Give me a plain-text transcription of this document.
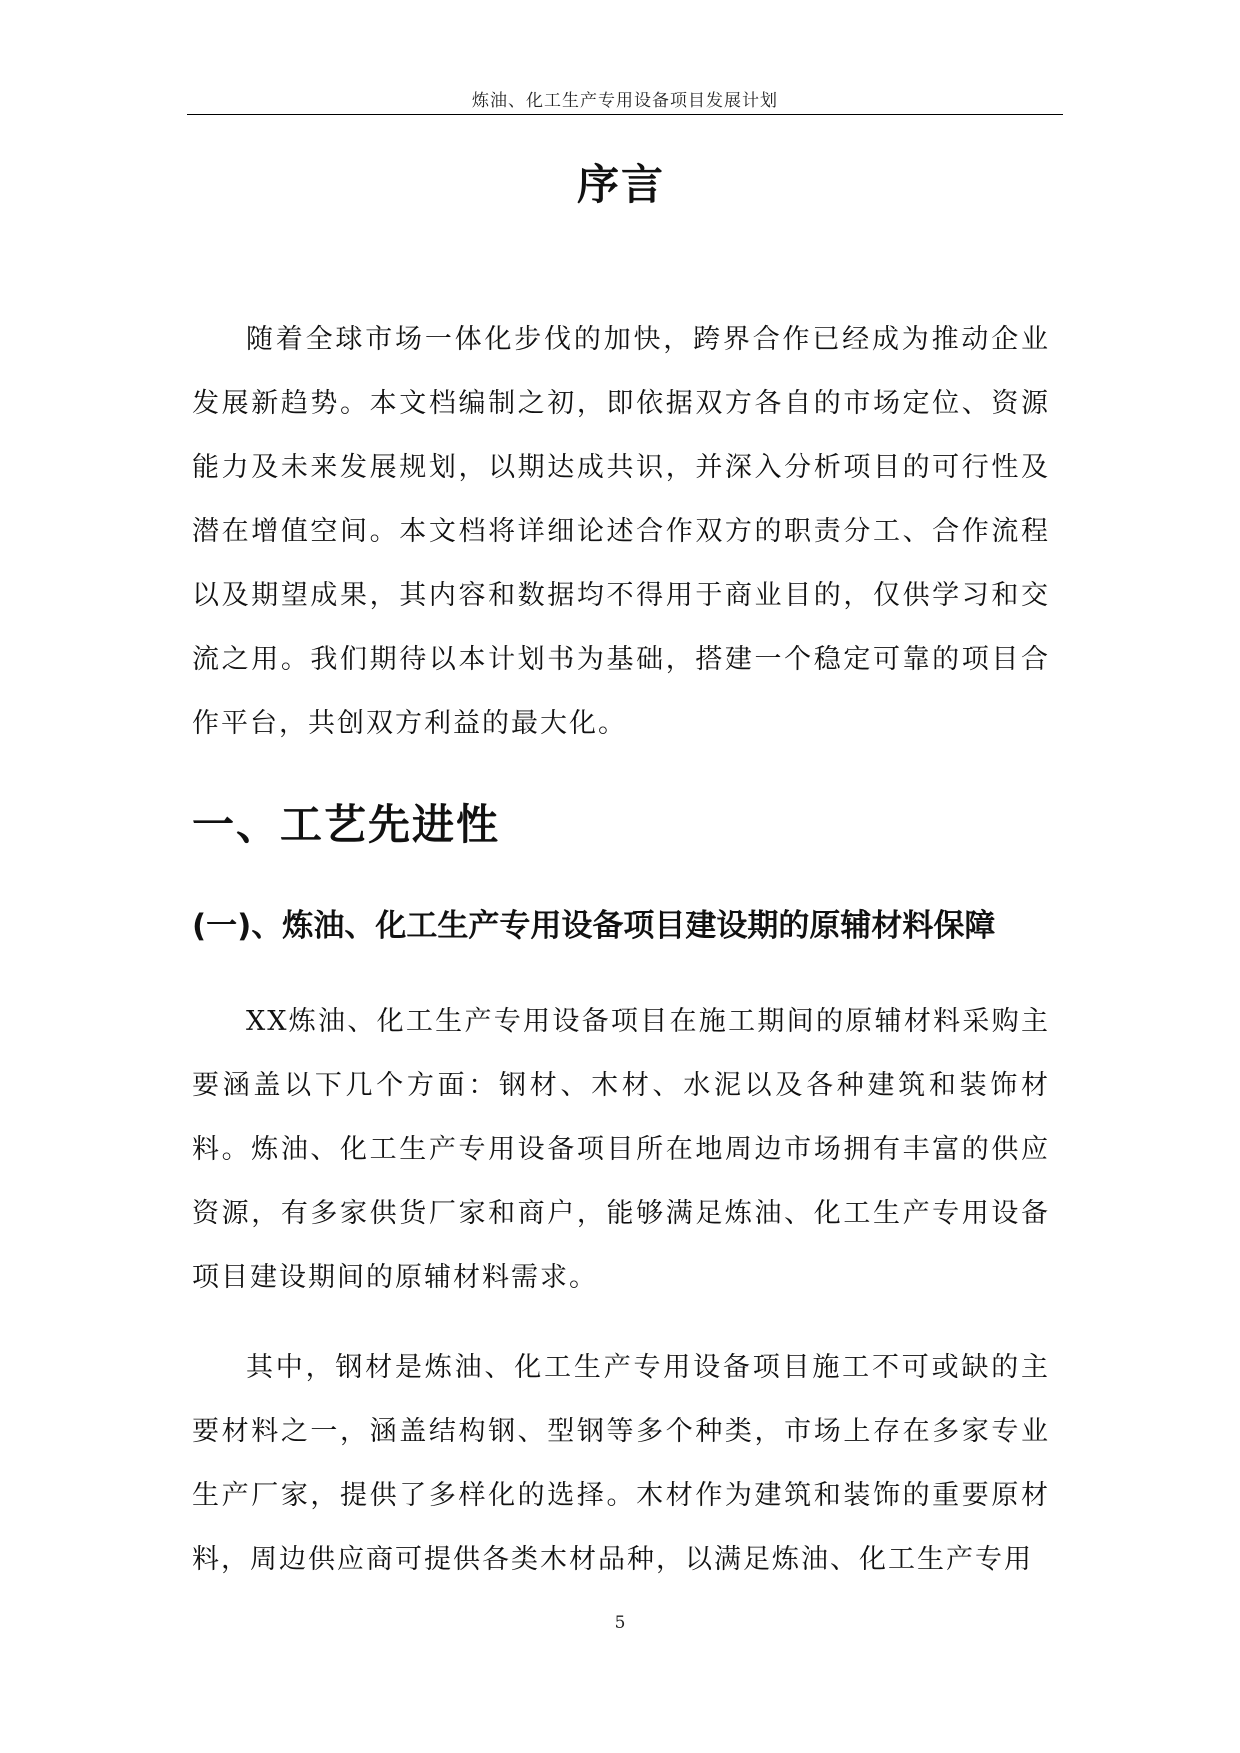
炼油、化工生产专用设备项目发展计划
序言

随着全球市场一体化步伐的加快，跨界合作已经成为推动企业发展新趋势。本文档编制之初，即依据双方各自的市场定位、资源能力及未来发展规划，以期达成共识，并深入分析项目的可行性及潜在增值空间。本文档将详细论述合作双方的职责分工、合作流程以及期望成果，其内容和数据均不得用于商业目的，仅供学习和交流之用。我们期待以本计划书为基础，搭建一个稳定可靠的项目合作平台，共创双方利益的最大化。

一、工艺先进性
(一)、炼油、化工生产专用设备项目建设期的原辅材料保障

XX炼油、化工生产专用设备项目在施工期间的原辅材料采购主要涵盖以下几个方面：钢材、木材、水泥以及各种建筑和装饰材料。炼油、化工生产专用设备项目所在地周边市场拥有丰富的供应资源，有多家供货厂家和商户，能够满足炼油、化工生产专用设备项目建设期间的原辅材料需求。

其中，钢材是炼油、化工生产专用设备项目施工不可或缺的主要材料之一，涵盖结构钢、型钢等多个种类，市场上存在多家专业生产厂家，提供了多样化的选择。木材作为建筑和装饰的重要原材料，周边供应商可提供各类木材品种，以满足炼油、化工生产专用

5
